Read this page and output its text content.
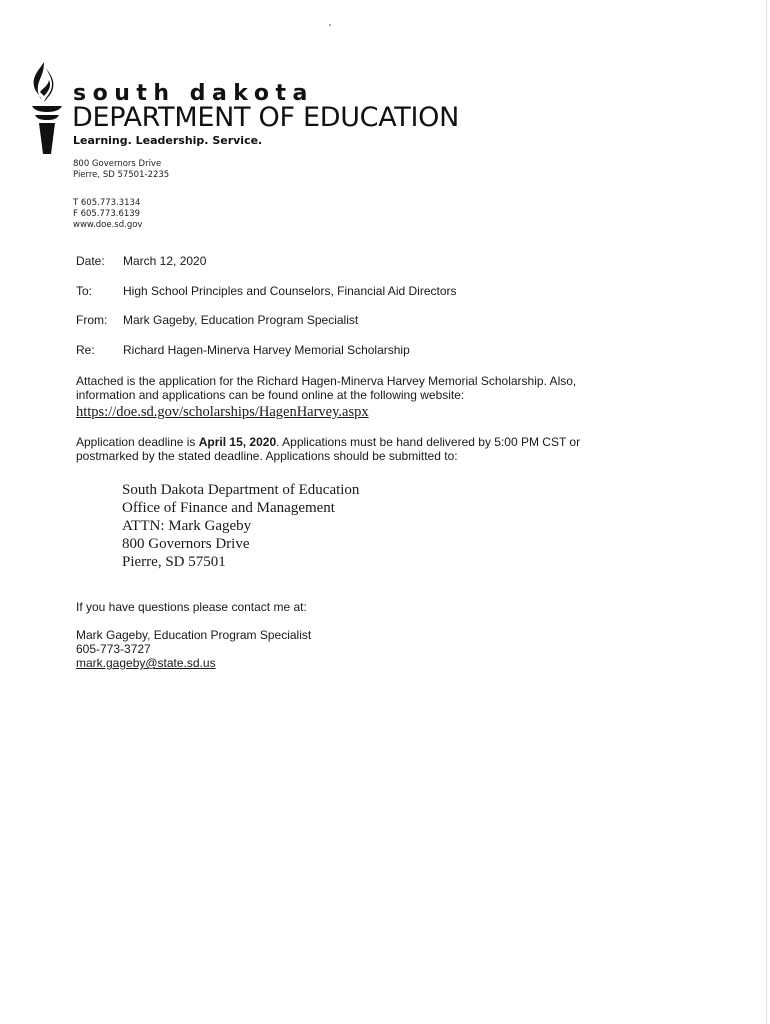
south dakota
DEPARTMENT OF EDUCATION
Learning. Leadership. Service.
800 Governors Drive
Pierre, SD 57501-2235
T 605.773.3134
F 605.773.6139
www.doe.sd.gov
Date: March 12, 2020
To:	High School Principles and Counselors, Financial Aid Directors
From: Mark Gageby, Education Program Specialist
Re: Richard Hagen-Minerva Harvey Memorial Scholarship
Attached is the application for the Richard Hagen-Minerva Harvey Memorial Scholarship. Also,
information and applications can be found online at the following website:
https://doe.sd.gov/scholarships/HagenHarvey.aspx
Application deadline is April 15, 2020. Applications must be hand delivered by 5:00 PM CST or
postmarked by the stated deadline. Applications should be submitted to:
South Dakota Department of Education
Office of Finance and Management
ATTN: Mark Gageby
800 Governors Drive
Pierre, SD 57501
If you have questions please contact me at:
Mark Gageby, Education Program Specialist
605-773-3727
mark.gageby@state.sd.us
